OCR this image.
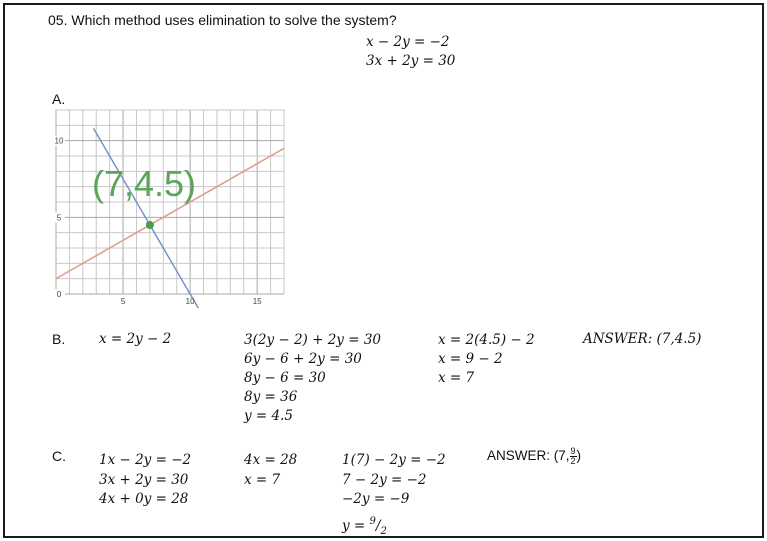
05. Which method uses elimination to solve the system?
x − 2y = −2
3x + 2y = 30
A.
10
5
0
5	10	15
(7,4.5)
B.	x = 2y − 2	3(2y − 2) + 2y = 30
6y − 6 + 2y = 30
8y − 6 = 30
8y = 36
y = 4.5
x = 2(4.5) − 2
x = 9 − 2
x = 7
ANSWER: (7,4.5)
C. 1x − 2y = −2
3x + 2y = 30
4x + 0y = 28
4x = 28
x = 7
1(7) − 2y = −2
7 − 2y = −2
−2y = −9
$y = ^9/_2$
ANSWER: (7, $\frac{9}{2}$ )
